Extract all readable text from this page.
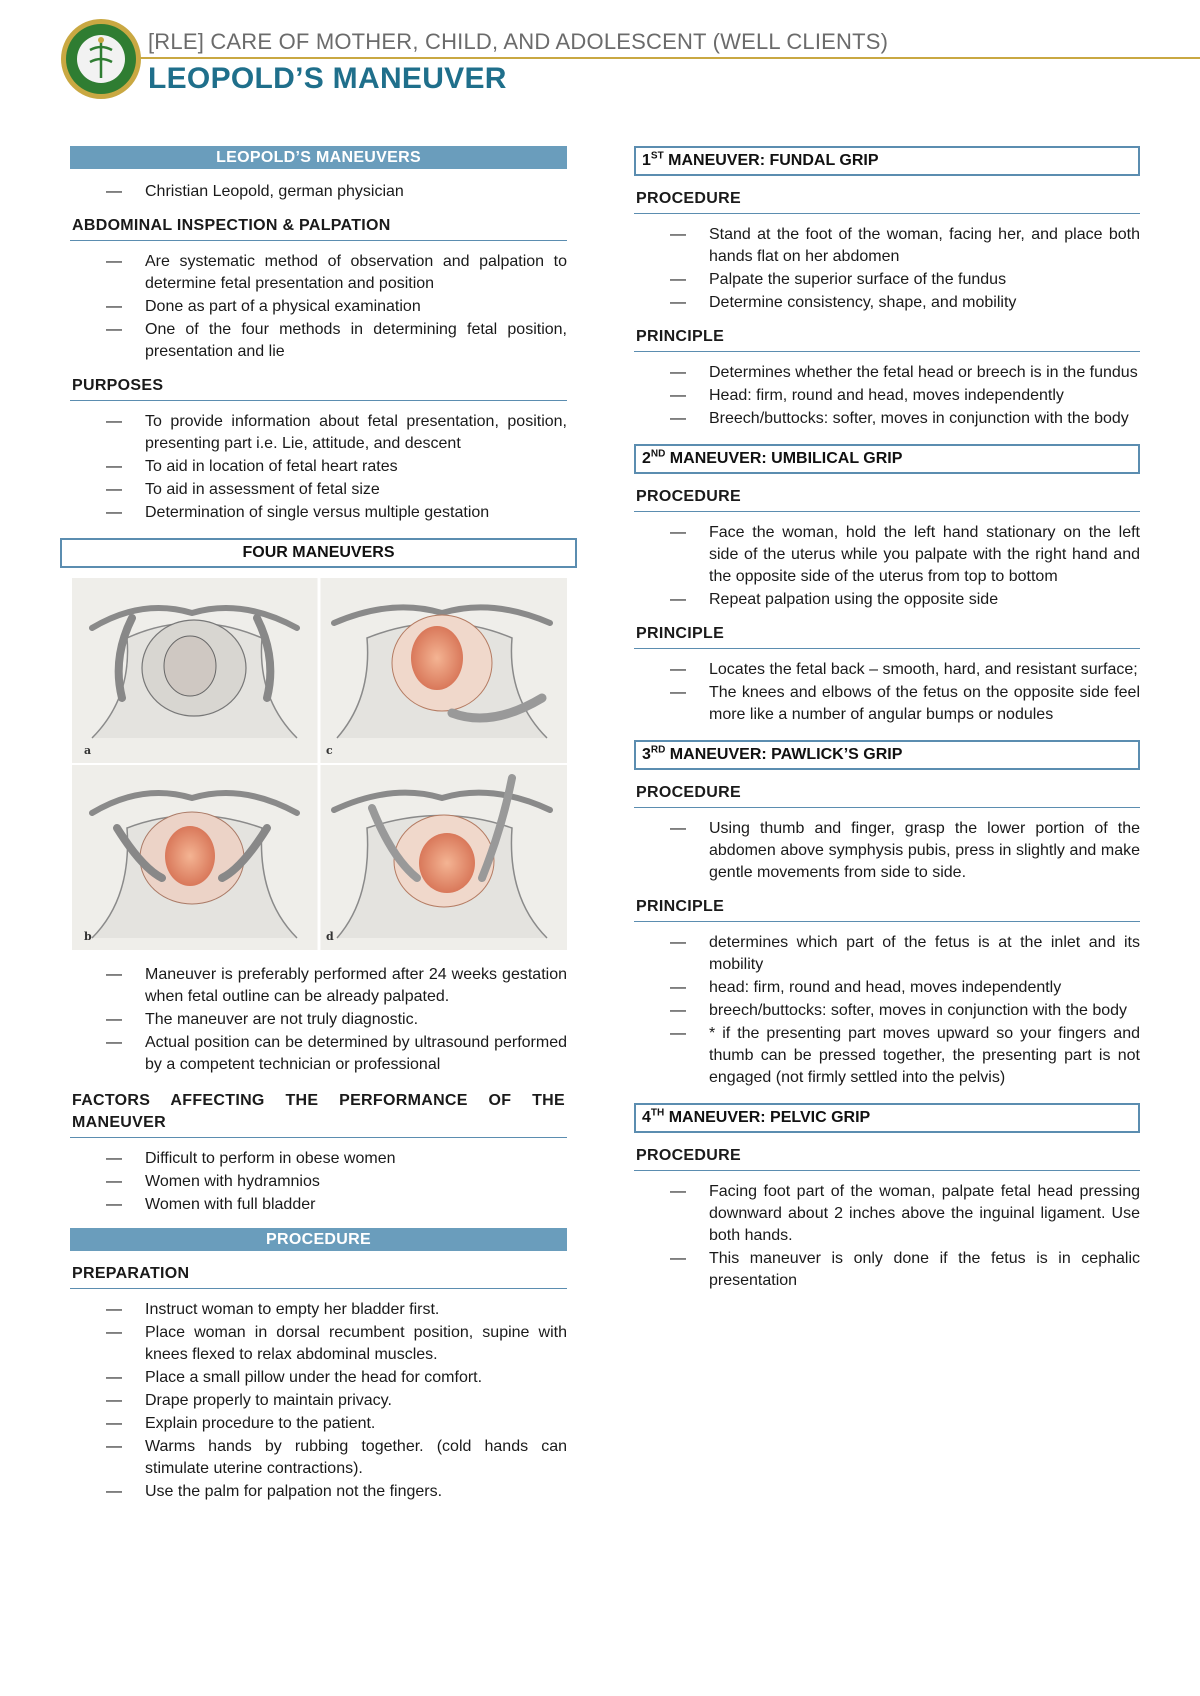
[RLE] CARE OF MOTHER, CHILD, AND ADOLESCENT (WELL CLIENTS)
LEOPOLD’S MANEUVER
LEOPOLD’S MANEUVERS
— Christian Leopold, german physician
ABDOMINAL INSPECTION & PALPATION
— Are systematic method of observation and palpation to determine fetal presentation and position
— Done as part of a physical examination
— One of the four methods in determining fetal position, presentation and lie
PURPOSES
— To provide information about fetal presentation, position, presenting part i.e. Lie, attitude, and descent
— To aid in location of fetal heart rates
— To aid in assessment of fetal size
— Determination of single versus multiple gestation
FOUR MANEUVERS
a
b
c
d
— Maneuver is preferably performed after 24 weeks gestation when fetal outline can be already palpated.
— The maneuver are not truly diagnostic.
— Actual position can be determined by ultrasound performed by a competent technician or professional
FACTORS AFFECTING THE PERFORMANCE OF THE MANEUVER
— Difficult to perform in obese women
— Women with hydramnios
— Women with full bladder
PROCEDURE
PREPARATION
— Instruct woman to empty her bladder first.
— Place woman in dorsal recumbent position, supine with knees flexed to relax abdominal muscles.
— Place a small pillow under the head for comfort.
— Drape properly to maintain privacy.
— Explain procedure to the patient.
— Warms hands by rubbing together. (cold hands can stimulate uterine contractions).
— Use the palm for palpation not the fingers.
1ST MANEUVER: FUNDAL GRIP
PROCEDURE
— Stand at the foot of the woman, facing her, and place both hands flat on her abdomen
— Palpate the superior surface of the fundus
— Determine consistency, shape, and mobility
PRINCIPLE
— Determines whether the fetal head or breech is in the fundus
— Head: firm, round and head, moves independently
— Breech/buttocks: softer, moves in conjunction with the body
2ND MANEUVER: UMBILICAL GRIP
PROCEDURE
— Face the woman, hold the left hand stationary on the left side of the uterus while you palpate with the right hand and the opposite side of the uterus from top to bottom
— Repeat palpation using the opposite side
PRINCIPLE
— Locates the fetal back – smooth, hard, and resistant surface;
— The knees and elbows of the fetus on the opposite side feel more like a number of angular bumps or nodules
3RD MANEUVER: PAWLICK’S GRIP
PROCEDURE
— Using thumb and finger, grasp the lower portion of the abdomen above symphysis pubis, press in slightly and make gentle movements from side to side.
PRINCIPLE
— determines which part of the fetus is at the inlet and its mobility
— head: firm, round and head, moves independently
— breech/buttocks: softer, moves in conjunction with the body
— * if the presenting part moves upward so your fingers and thumb can be pressed together, the presenting part is not engaged (not firmly settled into the pelvis)
4TH MANEUVER: PELVIC GRIP
PROCEDURE
— Facing foot part of the woman, palpate fetal head pressing downward about 2 inches above the inguinal ligament. Use both hands.
— This maneuver is only done if the fetus is in cephalic presentation
